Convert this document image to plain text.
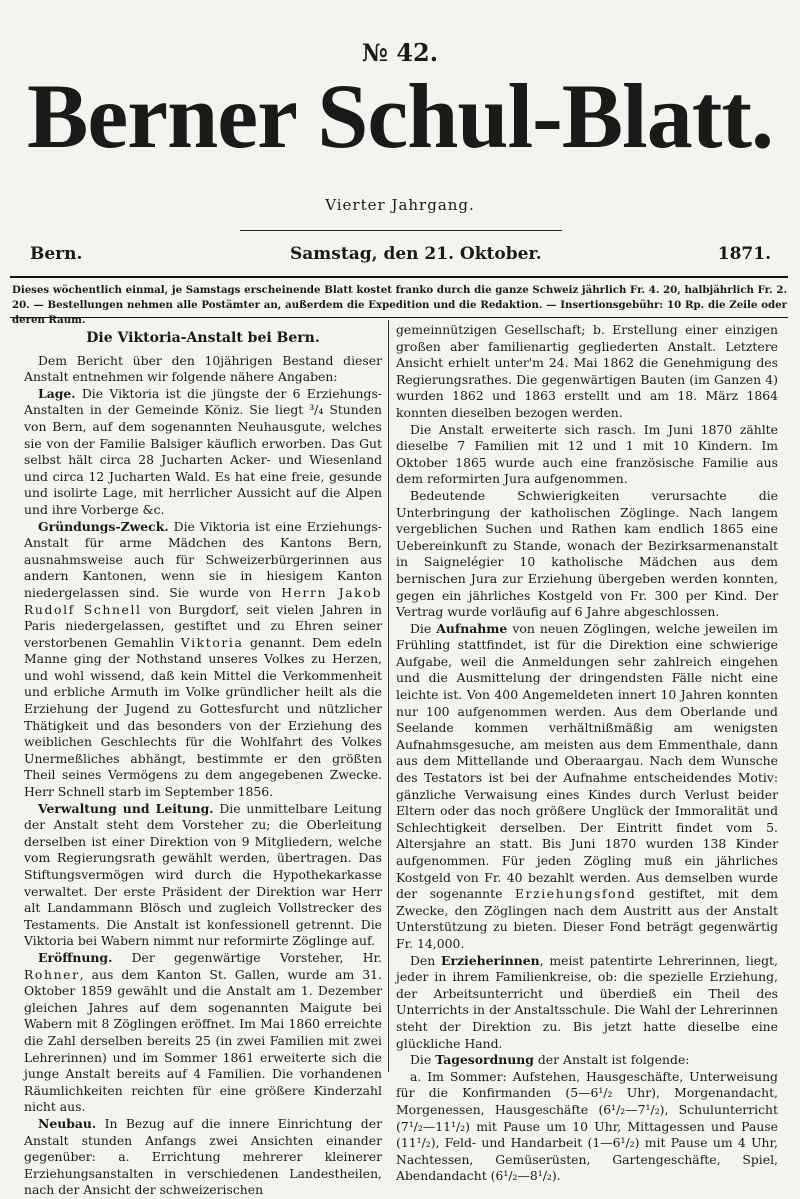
№ 42.
Berner Schul-Blatt.
Vierter Jahrgang.
Bern.	Samstag, den 21. Oktober.	1871.
Dieses wöchentlich einmal, je Samstags erscheinende Blatt kostet franko durch die ganze Schweiz jährlich Fr. 4. 20, halbjährlich Fr. 2. 20. — Bestellungen nehmen alle Postämter an, außerdem die Expedition und die Redaktion. — Insertionsgebühr: 10 Rp. die Zeile oder deren Raum.
Die Viktoria-Anstalt bei Bern.

Dem Bericht über den 10jährigen Bestand dieser Anstalt entnehmen wir folgende nähere Angaben:

Lage. Die Viktoria ist die jüngste der 6 Erziehungs-Anstalten in der Gemeinde Köniz. Sie liegt ³/₄ Stunden von Bern, auf dem sogenannten Neuhausgute, welches sie von der Familie Balsiger käuflich erworben. Das Gut selbst hält circa 28 Jucharten Acker- und Wiesenland und circa 12 Jucharten Wald. Es hat eine freie, gesunde und isolirte Lage, mit herrlicher Aussicht auf die Alpen und ihre Vorberge &c.

Gründungs-Zweck. Die Viktoria ist eine Erziehungs-Anstalt für arme Mädchen des Kantons Bern, ausnahmsweise auch für Schweizerbürgerinnen aus andern Kantonen, wenn sie in hiesigem Kanton niedergelassen sind. Sie wurde von Herrn Jakob Rudolf Schnell von Burgdorf, seit vielen Jahren in Paris niedergelassen, gestiftet und zu Ehren seiner verstorbenen Gemahlin Viktoria genannt. Dem edeln Manne ging der Nothstand unseres Volkes zu Herzen, und wohl wissend, daß kein Mittel die Verkommenheit und erbliche Armuth im Volke gründlicher heilt als die Erziehung der Jugend zu Gottesfurcht und nützlicher Thätigkeit und das besonders von der Erziehung des weiblichen Geschlechts für die Wohlfahrt des Volkes Unermeßliches abhängt, bestimmte er den größten Theil seines Vermögens zu dem angegebenen Zwecke. Herr Schnell starb im September 1856.

Verwaltung und Leitung. Die unmittelbare Leitung der Anstalt steht dem Vorsteher zu; die Oberleitung derselben ist einer Direktion von 9 Mitgliedern, welche vom Regierungsrath gewählt werden, übertragen. Das Stiftungsvermögen wird durch die Hypothekarkasse verwaltet. Der erste Präsident der Direktion war Herr alt Landammann Blösch und zugleich Vollstrecker des Testaments. Die Anstalt ist konfessionell getrennt. Die Viktoria bei Wabern nimmt nur reformirte Zöglinge auf.

Eröffnung. Der gegenwärtige Vorsteher, Hr. Rohner, aus dem Kanton St. Gallen, wurde am 31. Oktober 1859 gewählt und die Anstalt am 1. Dezember gleichen Jahres auf dem sogenannten Maigute bei Wabern mit 8 Zöglingen eröffnet. Im Mai 1860 erreichte die Zahl derselben bereits 25 (in zwei Familien mit zwei Lehrerinnen) und im Sommer 1861 erweiterte sich die junge Anstalt bereits auf 4 Familien. Die vorhandenen Räumlichkeiten reichten für eine größere Kinderzahl nicht aus.

Neubau. In Bezug auf die innere Einrichtung der Anstalt stunden Anfangs zwei Ansichten einander gegenüber: a. Errichtung mehrerer kleinerer Erziehungsanstalten in verschiedenen Landestheilen, nach der Ansicht der schweizerischen

gemeinnützigen Gesellschaft; b. Erstellung einer einzigen großen aber familienartig gegliederten Anstalt. Letztere Ansicht erhielt unter'm 24. Mai 1862 die Genehmigung des Regierungsrathes. Die gegenwärtigen Bauten (im Ganzen 4) wurden 1862 und 1863 erstellt und am 18. März 1864 konnten dieselben bezogen werden.

Die Anstalt erweiterte sich rasch. Im Juni 1870 zählte dieselbe 7 Familien mit 12 und 1 mit 10 Kindern. Im Oktober 1865 wurde auch eine französische Familie aus dem reformirten Jura aufgenommen.

Bedeutende Schwierigkeiten verursachte die Unterbringung der katholischen Zöglinge. Nach langem vergeblichen Suchen und Rathen kam endlich 1865 eine Uebereinkunft zu Stande, wonach der Bezirksarmenanstalt in Saignelégier 10 katholische Mädchen aus dem bernischen Jura zur Erziehung übergeben werden konnten, gegen ein jährliches Kostgeld von Fr. 300 per Kind. Der Vertrag wurde vorläufig auf 6 Jahre abgeschlossen.

Die Aufnahme von neuen Zöglingen, welche jeweilen im Frühling stattfindet, ist für die Direktion eine schwierige Aufgabe, weil die Anmeldungen sehr zahlreich eingehen und die Ausmittelung der dringendsten Fälle nicht eine leichte ist. Von 400 Angemeldeten innert 10 Jahren konnten nur 100 aufgenommen werden. Aus dem Oberlande und Seelande kommen verhältnißmäßig am wenigsten Aufnahmsgesuche, am meisten aus dem Emmenthale, dann aus dem Mittellande und Oberaargau. Nach dem Wunsche des Testators ist bei der Aufnahme entscheidendes Motiv: gänzliche Verwaisung eines Kindes durch Verlust beider Eltern oder das noch größere Unglück der Immoralität und Schlechtigkeit derselben. Der Eintritt findet vom 5. Altersjahre an statt. Bis Juni 1870 wurden 138 Kinder aufgenommen. Für jeden Zögling muß ein jährliches Kostgeld von Fr. 40 bezahlt werden. Aus demselben wurde der sogenannte Erziehungsfond gestiftet, mit dem Zwecke, den Zöglingen nach dem Austritt aus der Anstalt Unterstützung zu bieten. Dieser Fond beträgt gegenwärtig Fr. 14,000.

Den Erzieherinnen, meist patentirte Lehrerinnen, liegt, jeder in ihrem Familienkreise, ob: die spezielle Erziehung, der Arbeitsunterricht und überdieß ein Theil des Unterrichts in der Anstaltsschule. Die Wahl der Lehrerinnen steht der Direktion zu. Bis jetzt hatte dieselbe eine glückliche Hand.

Die Tagesordnung der Anstalt ist folgende:

a. Im Sommer: Aufstehen, Hausgeschäfte, Unterweisung für die Konfirmanden (5—6¹/₂ Uhr), Morgenandacht, Morgenessen, Hausgeschäfte (6¹/₂—7¹/₂), Schulunterricht (7¹/₂—11¹/₂) mit Pause um 10 Uhr, Mittagessen und Pause (11¹/₂), Feld- und Handarbeit (1—6¹/₂) mit Pause um 4 Uhr, Nachtessen, Gemüserüsten, Gartengeschäfte, Spiel, Abendandacht (6¹/₂—8¹/₂).
